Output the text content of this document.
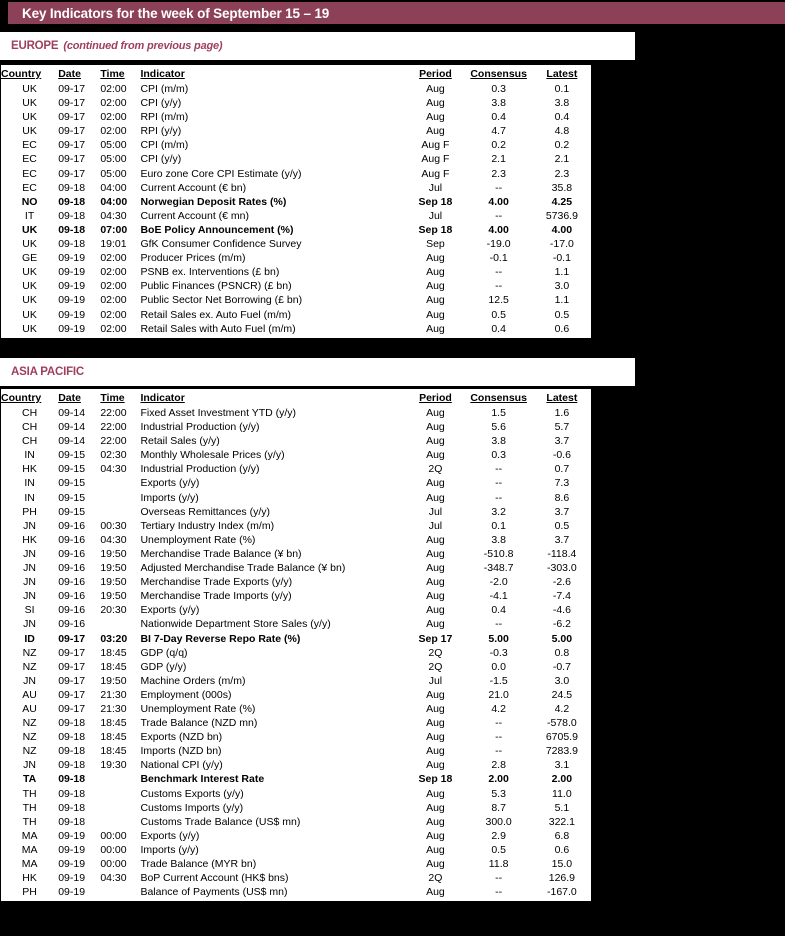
Key Indicators for the week of September 15 – 19
EUROPE (continued from previous page)
Country	Date	Time	Indicator	Period	Consensus	Latest
UK	09-17	02:00	CPI (m/m)	Aug	0.3	0.1
UK	09-17	02:00	CPI (y/y)	Aug	3.8	3.8
UK	09-17	02:00	RPI (m/m)	Aug	0.4	0.4
UK	09-17	02:00	RPI (y/y)	Aug	4.7	4.8
EC	09-17	05:00	CPI (m/m)	Aug F	0.2	0.2
EC	09-17	05:00	CPI (y/y)	Aug F	2.1	2.1
EC	09-17	05:00	Euro zone Core CPI Estimate (y/y)	Aug F	2.3	2.3
EC	09-18	04:00	Current Account (€ bn)	Jul	--	35.8
NO	09-18	04:00	Norwegian Deposit Rates (%)	Sep 18	4.00	4.25
IT	09-18	04:30	Current Account (€ mn)	Jul	--	5736.9
UK	09-18	07:00	BoE Policy Announcement (%)	Sep 18	4.00	4.00
UK	09-18	19:01	GfK Consumer Confidence Survey	Sep	-19.0	-17.0
GE	09-19	02:00	Producer Prices (m/m)	Aug	-0.1	-0.1
UK	09-19	02:00	PSNB ex. Interventions (£ bn)	Aug	--	1.1
UK	09-19	02:00	Public Finances (PSNCR) (£ bn)	Aug	--	3.0
UK	09-19	02:00	Public Sector Net Borrowing (£ bn)	Aug	12.5	1.1
UK	09-19	02:00	Retail Sales ex. Auto Fuel (m/m)	Aug	0.5	0.5
UK	09-19	02:00	Retail Sales with Auto Fuel (m/m)	Aug	0.4	0.6
ASIA PACIFIC
Country	Date	Time	Indicator	Period	Consensus	Latest
CH	09-14	22:00	Fixed Asset Investment YTD (y/y)	Aug	1.5	1.6
CH	09-14	22:00	Industrial Production (y/y)	Aug	5.6	5.7
CH	09-14	22:00	Retail Sales (y/y)	Aug	3.8	3.7
IN	09-15	02:30	Monthly Wholesale Prices (y/y)	Aug	0.3	-0.6
HK	09-15	04:30	Industrial Production (y/y)	2Q	--	0.7
IN	09-15		Exports (y/y)	Aug	--	7.3
IN	09-15		Imports (y/y)	Aug	--	8.6
PH	09-15		Overseas Remittances (y/y)	Jul	3.2	3.7
JN	09-16	00:30	Tertiary Industry Index (m/m)	Jul	0.1	0.5
HK	09-16	04:30	Unemployment Rate (%)	Aug	3.8	3.7
JN	09-16	19:50	Merchandise Trade Balance (¥ bn)	Aug	-510.8	-118.4
JN	09-16	19:50	Adjusted Merchandise Trade Balance (¥ bn)	Aug	-348.7	-303.0
JN	09-16	19:50	Merchandise Trade Exports (y/y)	Aug	-2.0	-2.6
JN	09-16	19:50	Merchandise Trade Imports (y/y)	Aug	-4.1	-7.4
SI	09-16	20:30	Exports (y/y)	Aug	0.4	-4.6
JN	09-16		Nationwide Department Store Sales (y/y)	Aug	--	-6.2
ID	09-17	03:20	BI 7-Day Reverse Repo Rate (%)	Sep 17	5.00	5.00
NZ	09-17	18:45	GDP (q/q)	2Q	-0.3	0.8
NZ	09-17	18:45	GDP (y/y)	2Q	0.0	-0.7
JN	09-17	19:50	Machine Orders (m/m)	Jul	-1.5	3.0
AU	09-17	21:30	Employment (000s)	Aug	21.0	24.5
AU	09-17	21:30	Unemployment Rate (%)	Aug	4.2	4.2
NZ	09-18	18:45	Trade Balance (NZD mn)	Aug	--	-578.0
NZ	09-18	18:45	Exports (NZD bn)	Aug	--	6705.9
NZ	09-18	18:45	Imports (NZD bn)	Aug	--	7283.9
JN	09-18	19:30	National CPI (y/y)	Aug	2.8	3.1
TA	09-18		Benchmark Interest Rate	Sep 18	2.00	2.00
TH	09-18		Customs Exports (y/y)	Aug	5.3	11.0
TH	09-18		Customs Imports (y/y)	Aug	8.7	5.1
TH	09-18		Customs Trade Balance (US$ mn)	Aug	300.0	322.1
MA	09-19	00:00	Exports (y/y)	Aug	2.9	6.8
MA	09-19	00:00	Imports (y/y)	Aug	0.5	0.6
MA	09-19	00:00	Trade Balance (MYR bn)	Aug	11.8	15.0
HK	09-19	04:30	BoP Current Account (HK$ bns)	2Q	--	126.9
PH	09-19		Balance of Payments (US$ mn)	Aug	--	-167.0
